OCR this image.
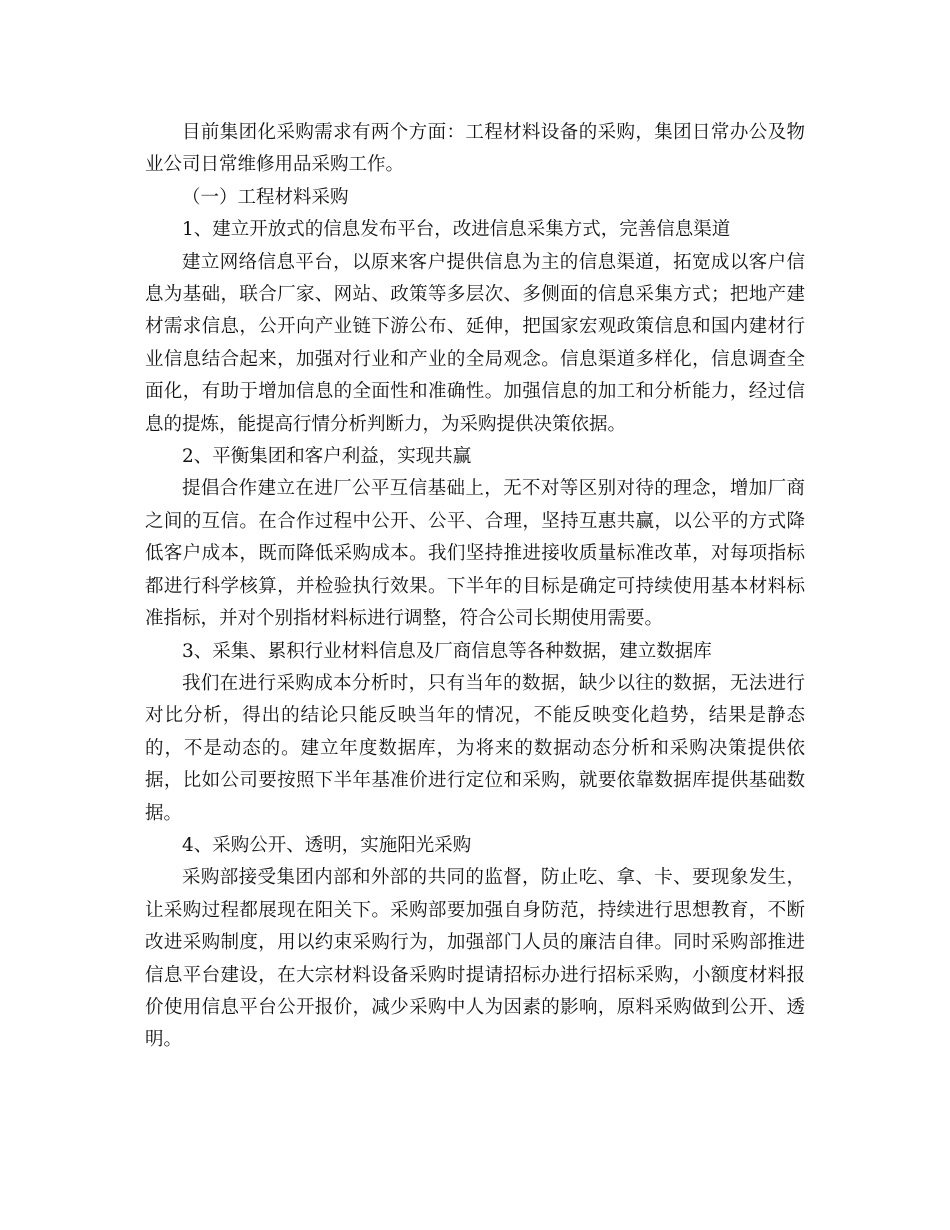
目前集团化采购需求有两个方面：工程材料设备的采购，集团日常办公及物业公司日常维修用品采购工作。

（一）工程材料采购

1、建立开放式的信息发布平台，改进信息采集方式，完善信息渠道

建立网络信息平台，以原来客户提供信息为主的信息渠道，拓宽成以客户信息为基础，联合厂家、网站、政策等多层次、多侧面的信息采集方式；把地产建材需求信息，公开向产业链下游公布、延伸，把国家宏观政策信息和国内建材行业信息结合起来，加强对行业和产业的全局观念。信息渠道多样化，信息调查全面化，有助于增加信息的全面性和准确性。加强信息的加工和分析能力，经过信息的提炼，能提高行情分析判断力，为采购提供决策依据。

2、平衡集团和客户利益，实现共赢

提倡合作建立在进厂公平互信基础上，无不对等区别对待的理念，增加厂商之间的互信。在合作过程中公开、公平、合理，坚持互惠共赢，以公平的方式降低客户成本，既而降低采购成本。我们坚持推进接收质量标准改革，对每项指标都进行科学核算，并检验执行效果。下半年的目标是确定可持续使用基本材料标准指标，并对个别指材料标进行调整，符合公司长期使用需要。

3、采集、累积行业材料信息及厂商信息等各种数据，建立数据库

我们在进行采购成本分析时，只有当年的数据，缺少以往的数据，无法进行对比分析，得出的结论只能反映当年的情况，不能反映变化趋势，结果是静态的，不是动态的。建立年度数据库，为将来的数据动态分析和采购决策提供依据，比如公司要按照下半年基准价进行定位和采购，就要依靠数据库提供基础数据。

4、采购公开、透明，实施阳光采购

采购部接受集团内部和外部的共同的监督，防止吃、拿、卡、要现象发生，让采购过程都展现在阳关下。采购部要加强自身防范，持续进行思想教育，不断改进采购制度，用以约束采购行为，加强部门人员的廉洁自律。同时采购部推进信息平台建设，在大宗材料设备采购时提请招标办进行招标采购，小额度材料报价使用信息平台公开报价，减少采购中人为因素的影响，原料采购做到公开、透明。
